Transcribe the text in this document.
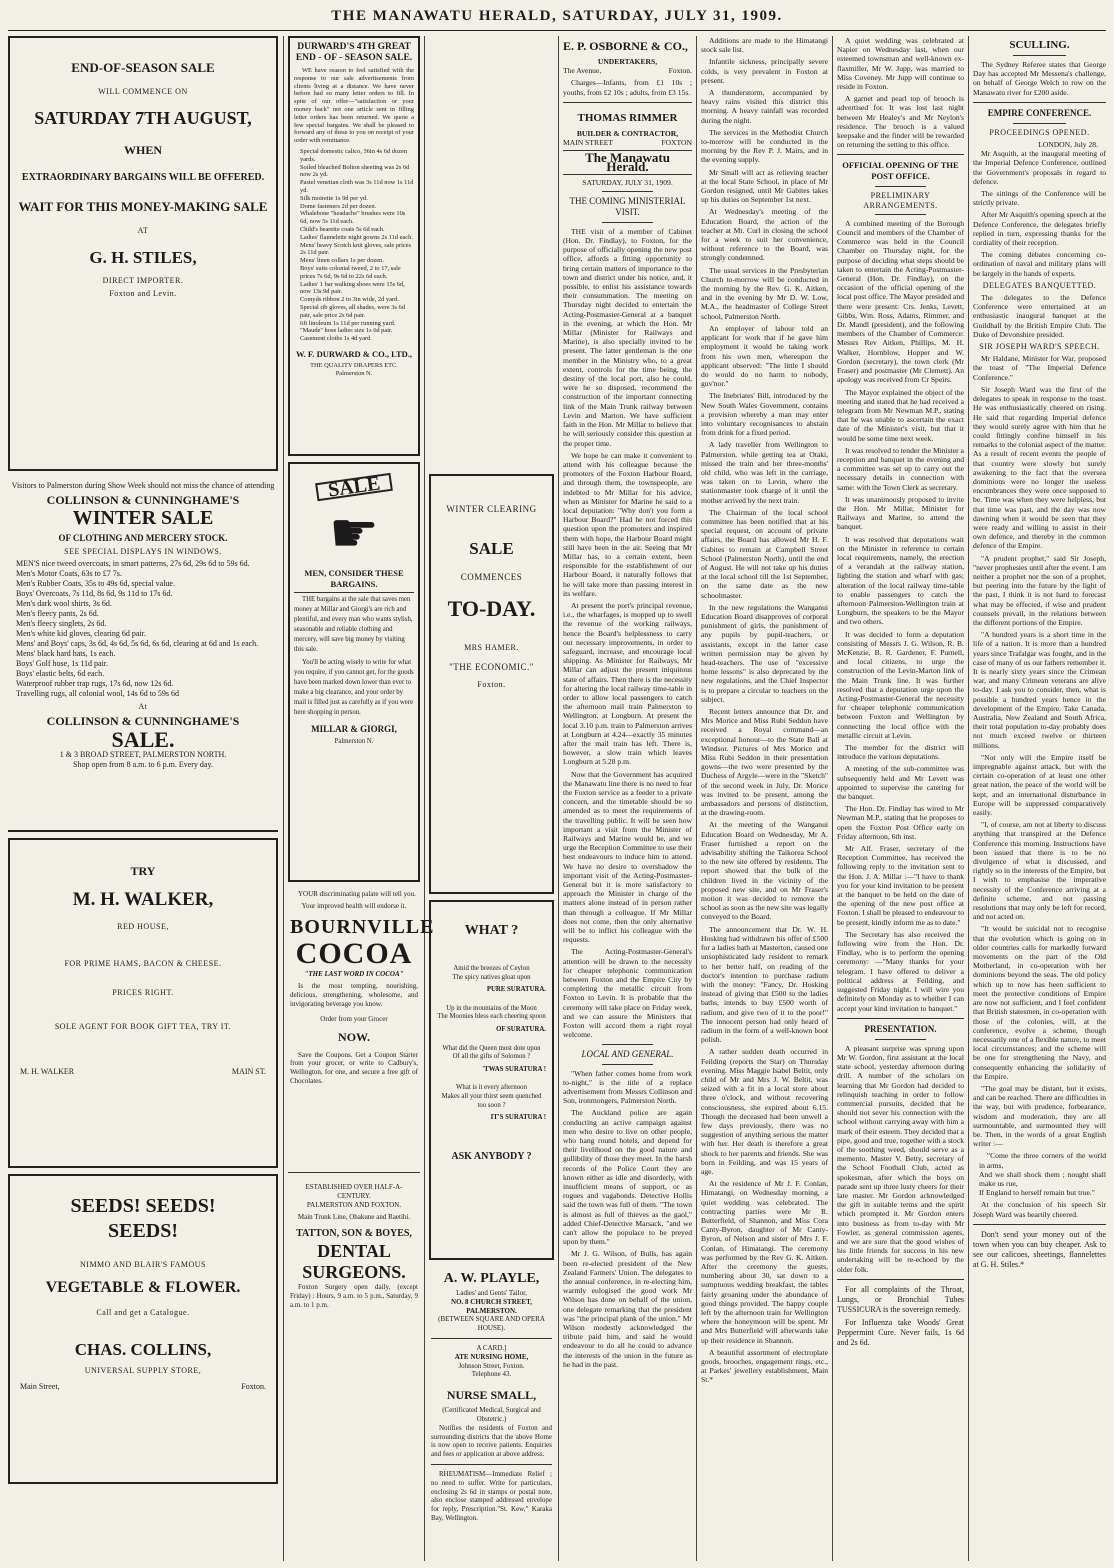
THE MANAWATU HERALD, SATURDAY, JULY 31, 1909.
END-OF-SEASON SALE
WILL COMMENCE ON
SATURDAY 7TH AUGUST,
WHEN
EXTRAORDINARY BARGAINS WILL BE OFFERED.
WAIT FOR THIS MONEY-MAKING SALE
AT
G. H. STILES,
DIRECT IMPORTER.
Foxton and Levin.
Visitors to Palmerston during Show Week should not miss the chance of attending
COLLINSON & CUNNINGHAME'S
WINTER SALE
OF CLOTHING AND MERCERY STOCK.
SEE SPECIAL DISPLAYS IN WINDOWS.
MEN'S nice tweed overcoats, in smart patterns, 27s 6d, 29s 6d to 59s 6d.
Men's Motor Coats, 63s to £7 7s.
Men's Rubber Coats, 35s to 49s 6d, special value.
Boys' Overcoats, 7s 11d, 8s 6d, 9s 11d to 17s 6d.
Men's dark wool shirts, 3s 6d.
Men's fleecy pants, 2s 6d.
Men's fleecy singlets, 2s 6d.
Men's white kid gloves, clearing 6d pair.
Mens' and Boys' caps, 3s 6d, 4s 6d, 5s 6d, 6s 6d, clearing at 6d and 1s each.
Mens' black hard hats, 1s each.
Boys' Golf hose, 1s 11d pair.
Boys' elastic belts, 6d each.
Waterproof rubber trap rugs, 17s 6d, now 12s 6d.
Travelling rugs, all colonial wool, 14s 6d to 59s 6d
At
COLLINSON & CUNNINGHAME'S
SALE.
1 & 3 BROAD STREET, PALMERSTON NORTH.
Shop open from 8 a.m. to 6 p.m. Every day.
TRY
M. H. WALKER,
RED HOUSE,
FOR PRIME HAMS, BACON & CHEESE.
PRICES RIGHT.
SOLE AGENT FOR BOOK GIFT TEA, TRY IT.
M. H. WALKER	MAIN ST.
SEEDS! SEEDS!
SEEDS!
NIMMO AND BLAIR'S FAMOUS
VEGETABLE & FLOWER.
Call and get a Catalogue.
CHAS. COLLINS,
UNIVERSAL SUPPLY STORE,
Main Street,	Foxton.
DURWARD'S 4TH GREAT
END - OF - SEASON SALE.

WE have reason to feel satisfied with the response to our sale advertisements from clients living at a distance. We have never before had so many letter orders to fill. In spite of our offer—"satisfaction or your money back" not one article sent in filling letter orders has been returned. We quote a few special bargains. We shall be pleased to forward any of these to you on receipt of your order with remittance.

Special domestic calico, 36in 4s 6d dozen yards.
Soiled bleached Bolton sheeting was 2s 6d now 2s yd.
Pastel venetian cloth was 3s 11d now 1s 11d yd.
Silk moirette 1s 9d per yd.
Dome fasteners 2d per dozen.
Whalebone "headache" brushes were 10s 6d, now 5s 11d each.
Child's bearette coats 5s 6d each.
Ladies' flannelette night gowns 2s 11d each.
Mens' heavy Scotch knit gloves, sale prices 2s 11d pair.
Mens' linen collars 1s per dozen.
Boys' suits colonial tweed, 2 to 17, sale prices 7s 6d, 9s 6d to 22s 6d each.
Ladies' 1 bar walking shoes were 15s 6d, now 13s 9d pair.
Comyds ribbon 2 to 3in wide, 2d yard.
Special rib gloves, all shades, were 3s 6d pair, sale price 2s 6d pair.
6ft linoleum 1s 11d per running yard.
"Maude" hose ladies size 1s 6d pair.
Casement cloths 1s 4d yard.
W. F. DURWARD & CO., LTD.,
THE QUALITY DRAPERS ETC.
Palmerston N.
SALE
☛
MEN, CONSIDER THESE BARGAINS.

THE bargains at the sale that saves men money at Millar and Giorgi's are rich and plentiful, and every man who wants stylish, seasonable and reliable clothing and mercery, will save big money by visiting this sale.

You'll be acting wisely to write for what you require, if you cannot get, for the goods have been marked down lower than ever to make a big clearance, and your order by mail is filled just as carefully as if you were here shopping in person.

MILLAR & GIORGI,
Palmerston N.

YOUR discriminating palate will tell you.

Your improved health will endorse it.
BOURNVILLE
COCOA
"THE LAST WORD IN COCOA"

Is the most tempting, nourishing, delicious, strengthening, wholesome, and invigorating beverage you know.

Order from your Grocer
NOW.

Save the Coupons. Get a Coupon Starter from your grocer, or write to Cadbury's, Wellington, for one, and secure a free gift of Chocolates.

ESTABLISHED OVER HALF-A-CENTURY.
PALMERSTON AND FOXTON.
Main Trunk Line, Ohakune and Raetihi.
TATTON, SON & BOYES,
DENTAL
SURGEONS.

Foxton Surgery open daily, (except Friday) : Hours, 9 a.m. to 5 p.m., Saturday, 9 a.m. to 1 p.m.

WINTER CLEARING
SALE
COMMENCES
TO-DAY.
MRS HAMER.
"THE ECONOMIC."
Foxton.
WHAT ?
Amid the breezes of Ceylon
The spicy natives gloat upon
PURE SURATURA.
Up in the mountains of the Moon
The Moonies bless each cheering spoon
OF SURATURA.
What did the Queen most dote upon
Of all the gifts of Solomon ?
'TWAS SURATURA !
What is it every afternoon
Makes all your thirst seem quenched too soon ?
IT'S SURATURA !
ASK ANYBODY ?
A. W. PLAYLE,
Ladies' and Gents' Tailor,
NO. 8 CHURCH STREET, PALMERSTON.
(BETWEEN SQUARE AND OPERA HOUSE).
A CARD.]
ATE NURSING HOME,
Johnson Street, Foxton.
Telephone 43.
NURSE SMALL,
(Certificated Medical, Surgical and Obstetric.)

Notifies the residents of Foxton and surrounding districts that the above Home is now open to receive patients. Enquiries and fees or application at above address.

RHEUMATISM—Immediate Relief ; no need to suffer. Write for particulars, enclosing 2s 6d in stamps or postal note, also enclose stamped addressed envelope for reply, Prescription."St. Kew," Karaka Bay, Wellington.

E. P. OSBORNE & CO.,
UNDERTAKERS,
The Avenue,	Foxton.

Charges—Infants, from £1 10s ; youths, from £2 10s ; adults, from £3 15s.

THOMAS RIMMER
BUILDER & CONTRACTOR,
MAIN STREET	FOXTON
The Manawatu Herald.
SATURDAY, JULY 31, 1909.
THE COMING MINISTERIAL VISIT.

THE visit of a member of Cabinet (Hon. Dr. Findlay), to Foxton, for the purpose of officially opening the new post office, affords a fitting opportunity to bring certain matters of importance to the town and district under his notice, and, it possible, to enlist his assistance towards their consummation. The meeting on Thursday night decided to entertain the Acting-Postmaster-General at a banquet in the evening, at which the Hon. Mr Millar (Minister for Railways and Marine), is also specially invited to be present. The latter gentleman is the one member in the Ministry who, to a great extent, controls for the time being, the destiny of the local port, also he could, were he so disposed, recommend the construction of the important connecting link of the Main Trunk railway between Levin and Marton. We have sufficient faith in the Hon. Mr Millar to believe that he will seriously consider this question at the proper time.

We hope he can make it convenient to attend with his colleague because the promoters of the Foxton Harbour Board, and through them, the townspeople, are indebted to Mr Millar for his advice, when as Minister for Marine he said to a local deputation: "Why don't you form a Harbour Board?" Had he not forced this question upon the promoters and inspired them with hope, the Harbour Board might still have been in the air. Seeing that Mr Millar has, to a certain extent, been responsible for the establishment of our Harbour Board, it naturally follows that he will take more than passing interest in its welfare.

At present the port's principal revenue, i.e., the wharfages, is mopped up to swell the revenue of the working railways, hence the Board's helplessness to carry out necessary improvements, in order to safeguard, increase, and encourage local shipping. As Minister for Railways, Mr Millar can adjust the present iniquitous state of affairs. Then there is the necessity for altering the local railway time-table in order to allow local passengers to catch the afternoon mail train Palmerston to Wellington, at Longburn. At present the local 3.10 p.m. train to Palmerston arrives at Longburn at 4.24—exactly 35 minutes after the mail train has left. There is, however, a slow train which leaves Longburn at 5.28 p.m.

Now that the Government has acquired the Manawatu line there is no need to fear the Foxton service as a feeder to a private concern, and the timetable should be so amended as to meet the requirements of the travelling public. It will be seen how important a visit from the Minister of Railways and Marine would be, and we urge the Reception Committee to use their best endeavours to induce him to attend. We have no desire to overshadow the important visit of the Acting-Postmaster-General but it is more satisfactory to approach the Minister in charge of the matters alone instead of in person rather than through a colleague. If Mr Millar does not come, then the only alternative will be to inflict his colleague with the requests.

The Acting-Postmaster-General's attention will be drawn to the necessity for cheaper telephonic communication between Foxton and the Empire City by completing the metallic circuit from Foxton to Levin. It is probable that the ceremony will take place on Friday week, and we can assure the Ministers that Foxton will accord them a right royal welcome.

LOCAL AND GENERAL.

"When father comes home from work to-night," is the title of a replace advertisement from Messrs Collinson and Son, ironmongers, Palmerston North.

The Auckland police are again conducting an active campaign against men who desire to live on other people, who hang round hotels, and depend for their livelihood on the good nature and gullibility of those they meet. In the harsh records of the Police Court they are known either as idle and disorderly, with insufficient means of support, or as rogues and vagabonds. Detective Hollis said the town was full of them. "The town is almost as full of thieves as the gaol," added Chief-Detective Marsack, "and we can't allow the populace to be preyed upon by them."

Mr J. G. Wilson, of Bulls, has again been re-elected president of the New Zealand Farmers' Union. The delegates to the annual conference, in re-electing him, warmly eulogised the good work Mr Wilson has done on behalf of the union, one delegate remarking that the president was "the principal plank of the union." Mr Wilson modestly acknowledged the tribute paid him, and said he would endeavour to do all he could to advance the interests of the union in the future as he had in the past.

Additions are made to the Himatangi stock sale list.

Infantile sickness, principally severe colds, is very prevalent in Foxton at present.

A thunderstorm, accompanied by heavy rains visited this district this morning. A heavy rainfall was recorded during the night.

The services in the Methodist Church to-morrow will be conducted in the morning by the Rev P. J. Mairs, and in the evening supply.

Mr Small will act as relieving teacher at the local State School, in place of Mr Gordon resigned, until Mr Gabites takes up his duties on September 1st next.

At Wednesday's meeting of the Education Board, the action of the teacher at Mt. Curl in closing the school for a week to suit her convenience, without reference to the Board, was strongly condemned.

The usual services in the Presbyterian Church to-morrow will be conducted in the morning by the Rev. G. K. Aitken, and in the evening by Mr D. W. Low, M.A., the headmaster of College Street school, Palmerston North.

An employer of labour told an applicant for work that if he gave him employment it would be taking work from his own men, whereupon the applicant observed: "The little I should do would do no harm to nobody, guv'nor."

The Inebriates' Bill, introduced by the New South Wales Government, contains a provision whereby a man may enter into voluntary recognisances to abstain from drink for a fixed period.

A lady traveller from Wellington to Palmerston, while getting tea at Otaki, missed the train and her three-months' old child, who was left in the carriage, was taken on to Levin, where the stationmaster took charge of it until the mother arrived by the next train.

The Chairman of the local school committee has been notified that at his special request, on account of private affairs, the Board has allowed Mr H. F. Gabites to remain at Campbell Street School (Palmerston North), until the end of August. He will not take up his duties at the local school till the 1st September, on the same date as the new schoolmaster.

In the new regulations the Wanganui Education Board disapproves of corporal punishment of girls, the punishment of any pupils by pupil-teachers, or assistants, except in the latter case written permission may be given by head-teachers. The use of "excessive home lessons" is also deprecated by the new regulations, and the Chief Inspector is to prepare a circular to teachers on the subject.

Recent letters announce that Dr. and Mrs Morice and Miss Rubi Seddon have received a Royal command—an exceptional honour—to the State Ball at Windsor. Pictures of Mrs Morice and Miss Rubi Seddon in their presentation gowns—the two were presented by the Duchess of Argyle—were in the "Sketch" of the second week in July, Dr. Morice was invited to be present, among the ambassadors and persons of distinction, at the drawing-room.

At the meeting of the Wanganui Education Board on Wednesday, Mr A. Fraser furnished a report on the advisability shifting the Taikorea School to the new site offered by residents. The report showed that the bulk of the children lived in the vicinity of the proposed new site, and on Mr Fraser's motion it was decided to remove the school as soon as the new site was legally conveyed to the Board.

The announcement that Dr. W. H. Hosking had withdrawn his offer of £500 for a ladies bath at Masterton, caused one unsophisticated lady resident to remark to her better half, on reading of the doctor's intention to purchase radium with the money: "Fancy, Dr. Hosking instead of giving that £500 to the ladies baths, intends to buy £500 worth of radium, and give two of it to the poor!" The innocent person had only heard of radium in the form of a well-known boot polish.

A rather sudden death occurred in Feilding (reports the Star) on Thursday evening. Miss Maggie Isabel Beltit, only child of Mr and Mrs J. W. Beltit, was seized with a fit in a local store about three o'clock, and without recovering consciousness, she expired about 6.15. Though the deceased had been unwell a few days previously, there was no suggestion of anything serious the matter with her. Her death is therefore a great shock to her parents and friends. She was born in Feilding, and was 15 years of age.

At the residence of Mr J. F. Conlan, Himatangi, on Wednesday morning, a quiet wedding was celebrated. The contracting parties were Mr R. Butterfield, of Shannon, and Miss Cora Canty-Byron, daughter of Mr Canty-Byron, of Nelson and sister of Mrs J. F. Conlan, of Himatangi. The ceremony was performed by the Rev G. K. Aitken. After the ceremony the guests, numbering about 30, sat down to a sumptuous wedding breakfast, the tables fairly groaning under the abundance of good things provided. The happy couple left by the afternoon train for Wellington where the honeymoon will be spent. Mr and Mrs Butterfield will afterwards take up their residence in Shannon.

A beautiful assortment of electroplate goods, brooches, engagement rings, etc., at Parkes' jewellery establishment, Main St.*

A quiet wedding was celebrated at Napier on Wednesday last, when our esteemed townsman and well-known ex-flaxmiller, Mr W. Jupp, was married to Miss Coveney. Mr Jupp will continue to reside in Foxton.

A garnet and pearl top of brooch is advertised for. It was lost last night between Mr Healey's and Mr Neylon's residence. The brooch is a valued keepsake and the finder will be rewarded on returning the setting to this office.

OFFICIAL OPENING OF THE POST OFFICE.
PRELIMINARY ARRANGEMENTS.

A combined meeting of the Borough Council and members of the Chamber of Commerce was held in the Council Chamber on Thursday night, for the purpose of deciding what steps should be taken to entertain the Acting-Postmaster-General (Hon. Dr. Findlay), on the occasion of the official opening of the local post office. The Mayor presided and there were present: Crs. Jenks, Levett, Gibbs, Wm. Ross, Adams, Rimmer, and Dr. Mandl (president), and the following members of the Chamber of Commerce: Messrs Rev Aitken, Phillips, M. H. Walker, Hornblow, Hopper and W. Gordon (secretary), the town clerk (Mr Fraser) and postmaster (Mr Clemett). An apology was received from Cr Speirs.

The Mayor explained the object of the meeting and stated that he had received a telegram from Mr Newman M.P., stating that he was unable to ascertain the exact date of the Minister's visit, but that it would be some time next week.

It was resolved to tender the Minister a reception and banquet in the evening and a committee was set up to carry out the necessary details in connection with same: with the Town Clerk as secretary.

It was unanimously proposed to invite the Hon. Mr Millar, Minister for Railways and Marine, to attend the banquet.

It was resolved that deputations wait on the Minister in reference to certain local requirements, namely, the erection of a verandah at the railway station, lighting the station and wharf with gas; alteration of the local railway time-table to enable passengers to catch the afternoon Palmerston-Wellington train at Longburn, the speakers to be the Mayor and two others.

It was decided to form a deputation consisting of Messrs J. G. Wilson, R. B. McKenzie, B. R. Gardener, F. Purnell, and local citizens, to urge the construction of the Levin-Marton link of the Main Trunk line. It was further resolved that a deputation urge upon the Acting-Postmaster-General the necessity for cheaper telephonic communication between Foxton and Wellington by connecting the local office with the metallic circuit at Levin.

The member for the district will introduce the various deputations.

A meeting of the sub-committee was subsequently held and Mr Levett was appointed to supervise the catering for the banquet.

The Hon. Dr. Findlay has wired to Mr Newman M.P., stating that he proposes to open the Foxton Post Office early on Friday afternoon, 6th inst.

Mr Alf. Fraser, secretary of the Reception Committee, has received the following reply to the invitation sent to the Hon. J. A. Millar :—"I have to thank you for your kind invitation to be present at the banquet to be held on the date of the opening of the new post office at Foxton. I shall be pleased to endeavour to be present, kindly inform me as to date."

The Secretary has also received the following wire from the Hon. Dr. Findlay, who is to perform the opening ceremony: —"Many thanks for your telegram. I have offered to deliver a political address at Feilding, and suggested Friday night. I will wire you definitely on Monday as to whether I can accept your kind invitation to banquet."

PRESENTATION.

A pleasant surprise was sprung upon Mr W. Gordon, first assistant at the local state school, yesterday afternoon during drill. A number of the scholars on learning that Mr Gordon had decided to relinquish teaching in order to follow commercial pursuits, decided that he should not sever his connection with the school without carrying away with him a mark of their esteem. They decided that a pipe, good and true, together with a stock of the soothing weed, should serve as a memento. Master V. Betty, secretary of the School Football Club, acted as spokesman, after which the boys on parade sent up three lusty cheers for their late master. Mr Gordon acknowledged the gift in suitable terms and the spirit which prompted it. Mr Gordon enters into business as from to-day with Mr Fowler, as general commission agents, and we are sure that the good wishes of his little friends for success in his new undertaking will be re-echoed by the older folk.

For all complaints of the Throat, Lungs, or Bronchial Tubes TUSSICURA is the sovereign remedy.

For Influenza take Woods' Great Peppermint Cure. Never fails, 1s 6d and 2s 6d.

SCULLING.

The Sydney Referee states that George Day has accepted Mr Messena's challenge, on behalf of George Welch to row on the Manawatu river for £200 aside.

EMPIRE CONFERENCE.
PROCEEDINGS OPENED.
LONDON, July 28.

Mr Asquith, at the inaugural meeting of the Imperial Defence Conference, outlined the Government's proposals in regard to defence.

The sittings of the Conference will be strictly private.

After Mr Asquith's opening speech at the Defence Conference, the delegates briefly replied in turn, expressing thanks for the cordiality of their reception.

The coming debates concerning co-ordination of naval and military plans will be largely in the hands of experts.

DELEGATES BANQUETTED.

The delegates to the Defence Conference were entertained at an enthusiastic inaugural banquet at the Guildhall by the British Empire Club. The Duke of Devonshire presided.

SIR JOSEPH WARD'S SPEECH.

Mr Haldane, Minister for War, proposed the toast of "The Imperial Defence Conference."

Sir Joseph Ward was the first of the delegates to speak in response to the toast. He was enthusiastically cheered on rising. He said that regarding Imperial defence they would surely agree with him that he could fittingly confine himself in his remarks to the colonial aspect of the matter. As a result of recent events the people of that country were slowly but surely awakening to the fact that the oversea dominions were no longer the useless encumbrances they were once supposed to be. Time was when they were helpless, but that time was past, and the day was now dawning when it would be seen that they were ready and willing to assist in their own defence, and thereby in the common defence of the Empire.

"A prudent prophet," said Sir Joseph, "never prophesies until after the event. I am neither a prophet nor the son of a prophet, but peering into the future by the light of the past, I think it is not hard to forecast what may be effected, if wise and prudent counsels prevail, in the relations between the different portions of the Empire.

"A hundred years is a short time in the life of a nation. It is more than a hundred years since Trafalgar was fought, and in the case of many of us our fathers remember it. It is nearly sixty years since the Crimean war, and many Crimean veterans are alive to-day. I ask you to consider, then, what is possible a hundred years hence in the development of the Empire. Take Canada, Australia, New Zealand and South Africa, their total population to-day probably does not much exceed twelve or thirteen millions.

"Not only will the Empire itself be impregnable against attack, but with the certain co-operation of at least one other great nation, the peace of the world will be kept, and an international disturbance in Europe will be suppressed comparatively easily.

"I, of course, am not at liberty to discuss anything that transpired at the Defence Conference this morning. Instructions have been issued that there is to be no divulgence of what is discussed, and rightly so in the interests of the Empire, but I wish to emphasise the imperative necessity of the Conference arriving at a definite scheme, and not passing resolutions that may only be left for record, and not acted on.

"It would be suicidal not to recognise that the evolution which is going on in older countries calls for markedly forward movements on the part of the Old Motherland, in co-operation with her dominions beyond the seas. The old policy which up to now has been sufficient to meet the protective conditions of Empire are now not sufficient, and I feel confident that British statesmen, in co-operation with those of the colonies, will, at the conference, evolve a scheme, though necessarily one of a flexible nature, to meet local circumstances; and the scheme will be one for strengthening the Navy, and consequently enhancing the solidarity of the Empire.

"The goal may be distant, but it exists, and can be reached. There are difficulties in the way, but with prudence, forbearance, wisdom and moderation, they are all surmountable, and surmounted they will be. Then, in the words of a great English writer :—

"Come the three corners of the world in arms,
And we shall shock them ; nought shall make us rue,
If England to herself remain but true."

At the conclusion of his speech Sir Joseph Ward was heartily cheered.

Don't send your money out of the town when you can buy cheaper. Ask to see our calicoes, sheetings, flannelettes at G. H. Stiles.*
